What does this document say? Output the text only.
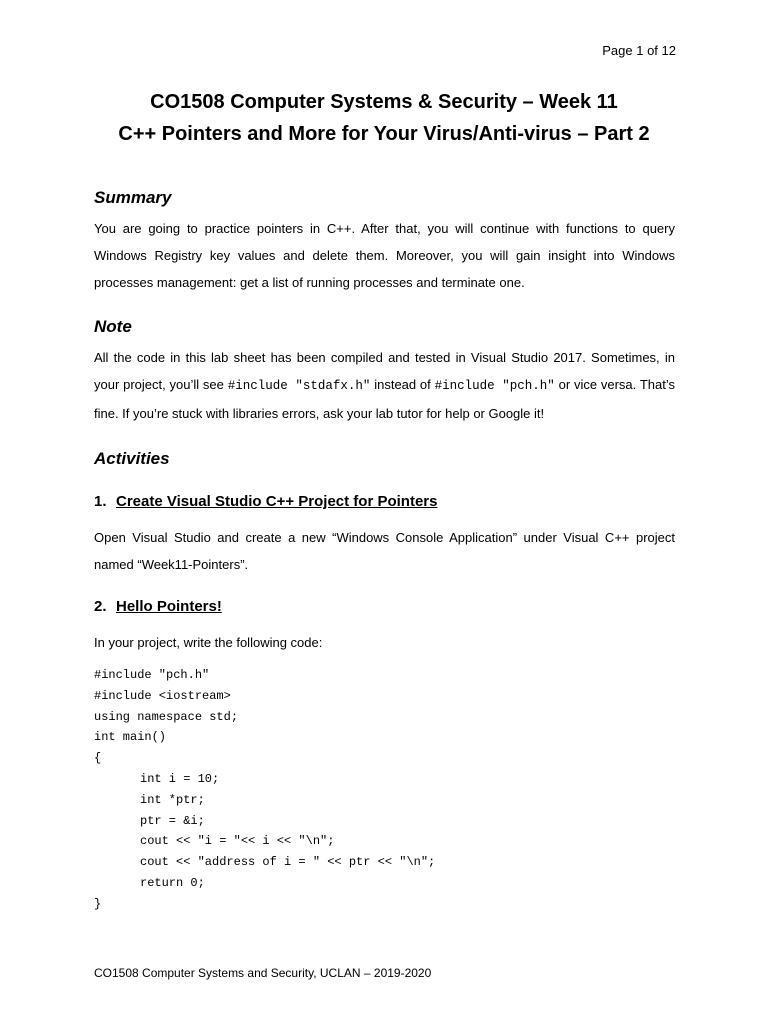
Page 1 of 12
CO1508 Computer Systems & Security – Week 11
C++ Pointers and More for Your Virus/Anti-virus – Part 2
Summary

You are going to practice pointers in C++. After that, you will continue with functions to query Windows Registry key values and delete them. Moreover, you will gain insight into Windows processes management: get a list of running processes and terminate one.

Note

All the code in this lab sheet has been compiled and tested in Visual Studio 2017. Sometimes, in your project, you’ll see #include "stdafx.h" instead of #include "pch.h" or vice versa. That’s fine. If you’re stuck with libraries errors, ask your lab tutor for help or Google it!

Activities
1. Create Visual Studio C++ Project for Pointers

Open Visual Studio and create a new “Windows Console Application” under Visual C++ project named “Week11-Pointers”.

2. Hello Pointers!

In your project, write the following code:

#include "pch.h"
#include <iostream>
using namespace std;
int main()
{
int i = 10;
int *ptr;
ptr = &i;
cout << "i = "<< i << "\n";
cout << "address of i = " << ptr << "\n";
return 0;
}
CO1508 Computer Systems and Security, UCLAN – 2019-2020
